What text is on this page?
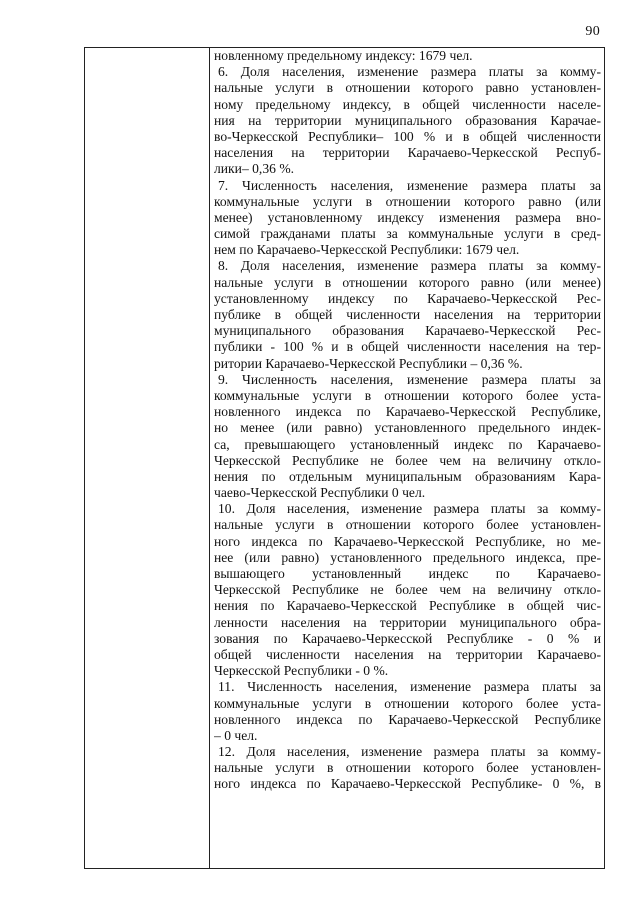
90
новленному предельному индексу: 1679 чел.
6. Доля населения, изменение размера платы за комму-
нальные услуги в отношении которого равно установлен-
ному предельному индексу, в общей численности населе-
ния на территории муниципального образования Карачае-
во-Черкесской Республики– 100 % и в общей численности
населения на территории Карачаево-Черкесской Респуб-
лики– 0,36 %.
7. Численность населения, изменение размера платы за
коммунальные услуги в отношении которого равно (или
менее) установленному индексу изменения размера вно-
симой гражданами платы за коммунальные услуги в сред-
нем по Карачаево-Черкесской Республики: 1679 чел.
8. Доля населения, изменение размера платы за комму-
нальные услуги в отношении которого равно (или менее)
установленному индексу по Карачаево-Черкесской Рес-
публике в общей численности населения на территории
муниципального образования Карачаево-Черкесской Рес-
публики - 100 % и в общей численности населения на тер-
ритории Карачаево-Черкесской Республики – 0,36 %.
9. Численность населения, изменение размера платы за
коммунальные услуги в отношении которого более уста-
новленного индекса по Карачаево-Черкесской Республике,
но менее (или равно) установленного предельного индек-
са, превышающего установленный индекс по Карачаево-
Черкесской Республике не более чем на величину откло-
нения по отдельным муниципальным образованиям Кара-
чаево-Черкесской Республики 0 чел.
10. Доля населения, изменение размера платы за комму-
нальные услуги в отношении которого более установлен-
ного индекса по Карачаево-Черкесской Республике, но ме-
нее (или равно) установленного предельного индекса, пре-
вышающего установленный индекс по Карачаево-
Черкесской Республике не более чем на величину откло-
нения по Карачаево-Черкесской Республике в общей чис-
ленности населения на территории муниципального обра-
зования по Карачаево-Черкесской Республике - 0 % и
общей численности населения на территории Карачаево-
Черкесской Республики - 0 %.
11. Численность населения, изменение размера платы за
коммунальные услуги в отношении которого более уста-
новленного индекса по Карачаево-Черкесской Республике
– 0 чел.
12. Доля населения, изменение размера платы за комму-
нальные услуги в отношении которого более установлен-
ного индекса по Карачаево-Черкесской Республике- 0 %, в
